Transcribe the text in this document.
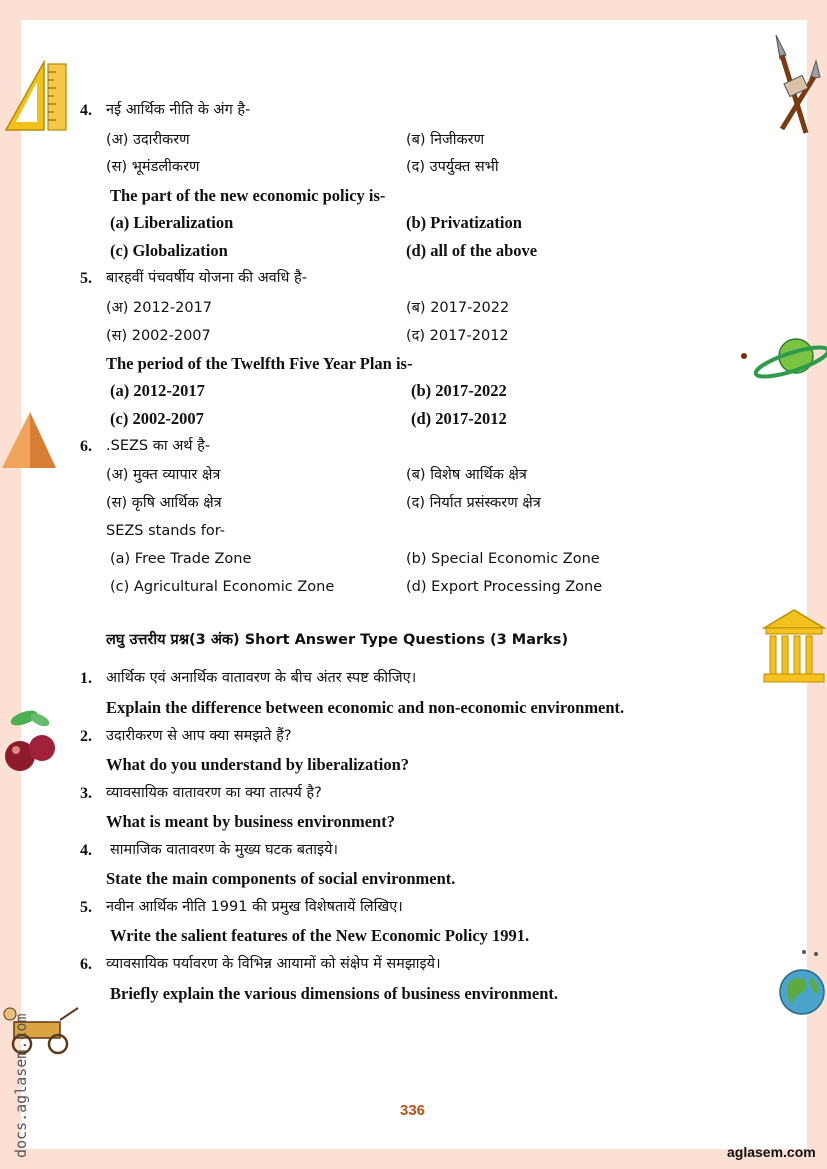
docs.aglasem.com
4. नई आर्थिक नीति के अंग है-
(अ) उदारीकरण	(ब) निजीकरण
(स) भूमंडलीकरण	(द) उपर्युक्त सभी
The part of the new economic policy is-
(a) Liberalization	(b) Privatization
(c) Globalization	(d) all of the above
5. बारहवीं पंचवर्षीय योजना की अवधि है-
(अ) 2012-2017	(ब) 2017-2022
(स) 2002-2007	(द) 2017-2012
The period of the Twelfth Five Year Plan is-
(a) 2012-2017	(b) 2017-2022
(c) 2002-2007	(d) 2017-2012
6. .SEZS का अर्थ है-
(अ) मुक्त व्यापार क्षेत्र	(ब) विशेष आर्थिक क्षेत्र
(स) कृषि आर्थिक क्षेत्र	(द) निर्यात प्रसंस्करण क्षेत्र
SEZS stands for-
(a) Free Trade Zone	(b) Special Economic Zone
(c) Agricultural Economic Zone	(d) Export Processing Zone
लघु उत्तरीय प्रश्न(3 अंक) Short Answer Type Questions (3 Marks)
1. आर्थिक एवं अनार्थिक वातावरण के बीच अंतर स्पष्ट कीजिए।
Explain the difference between economic and non-economic environment.
2. उदारीकरण से आप क्या समझते हैं?
What do you understand by liberalization?
3. व्यावसायिक वातावरण का क्या तात्पर्य है?
What is meant by business environment?
4. सामाजिक वातावरण के मुख्य घटक बताइये।
State the main components of social environment.
5. नवीन आर्थिक नीति 1991 की प्रमुख विशेषतायें लिखिए।
Write the salient features of the New Economic Policy 1991.
6. व्यावसायिक पर्यावरण के विभिन्न आयामों को संक्षेप में समझाइये।
Briefly explain the various dimensions of business environment.
336
aglasem.com
